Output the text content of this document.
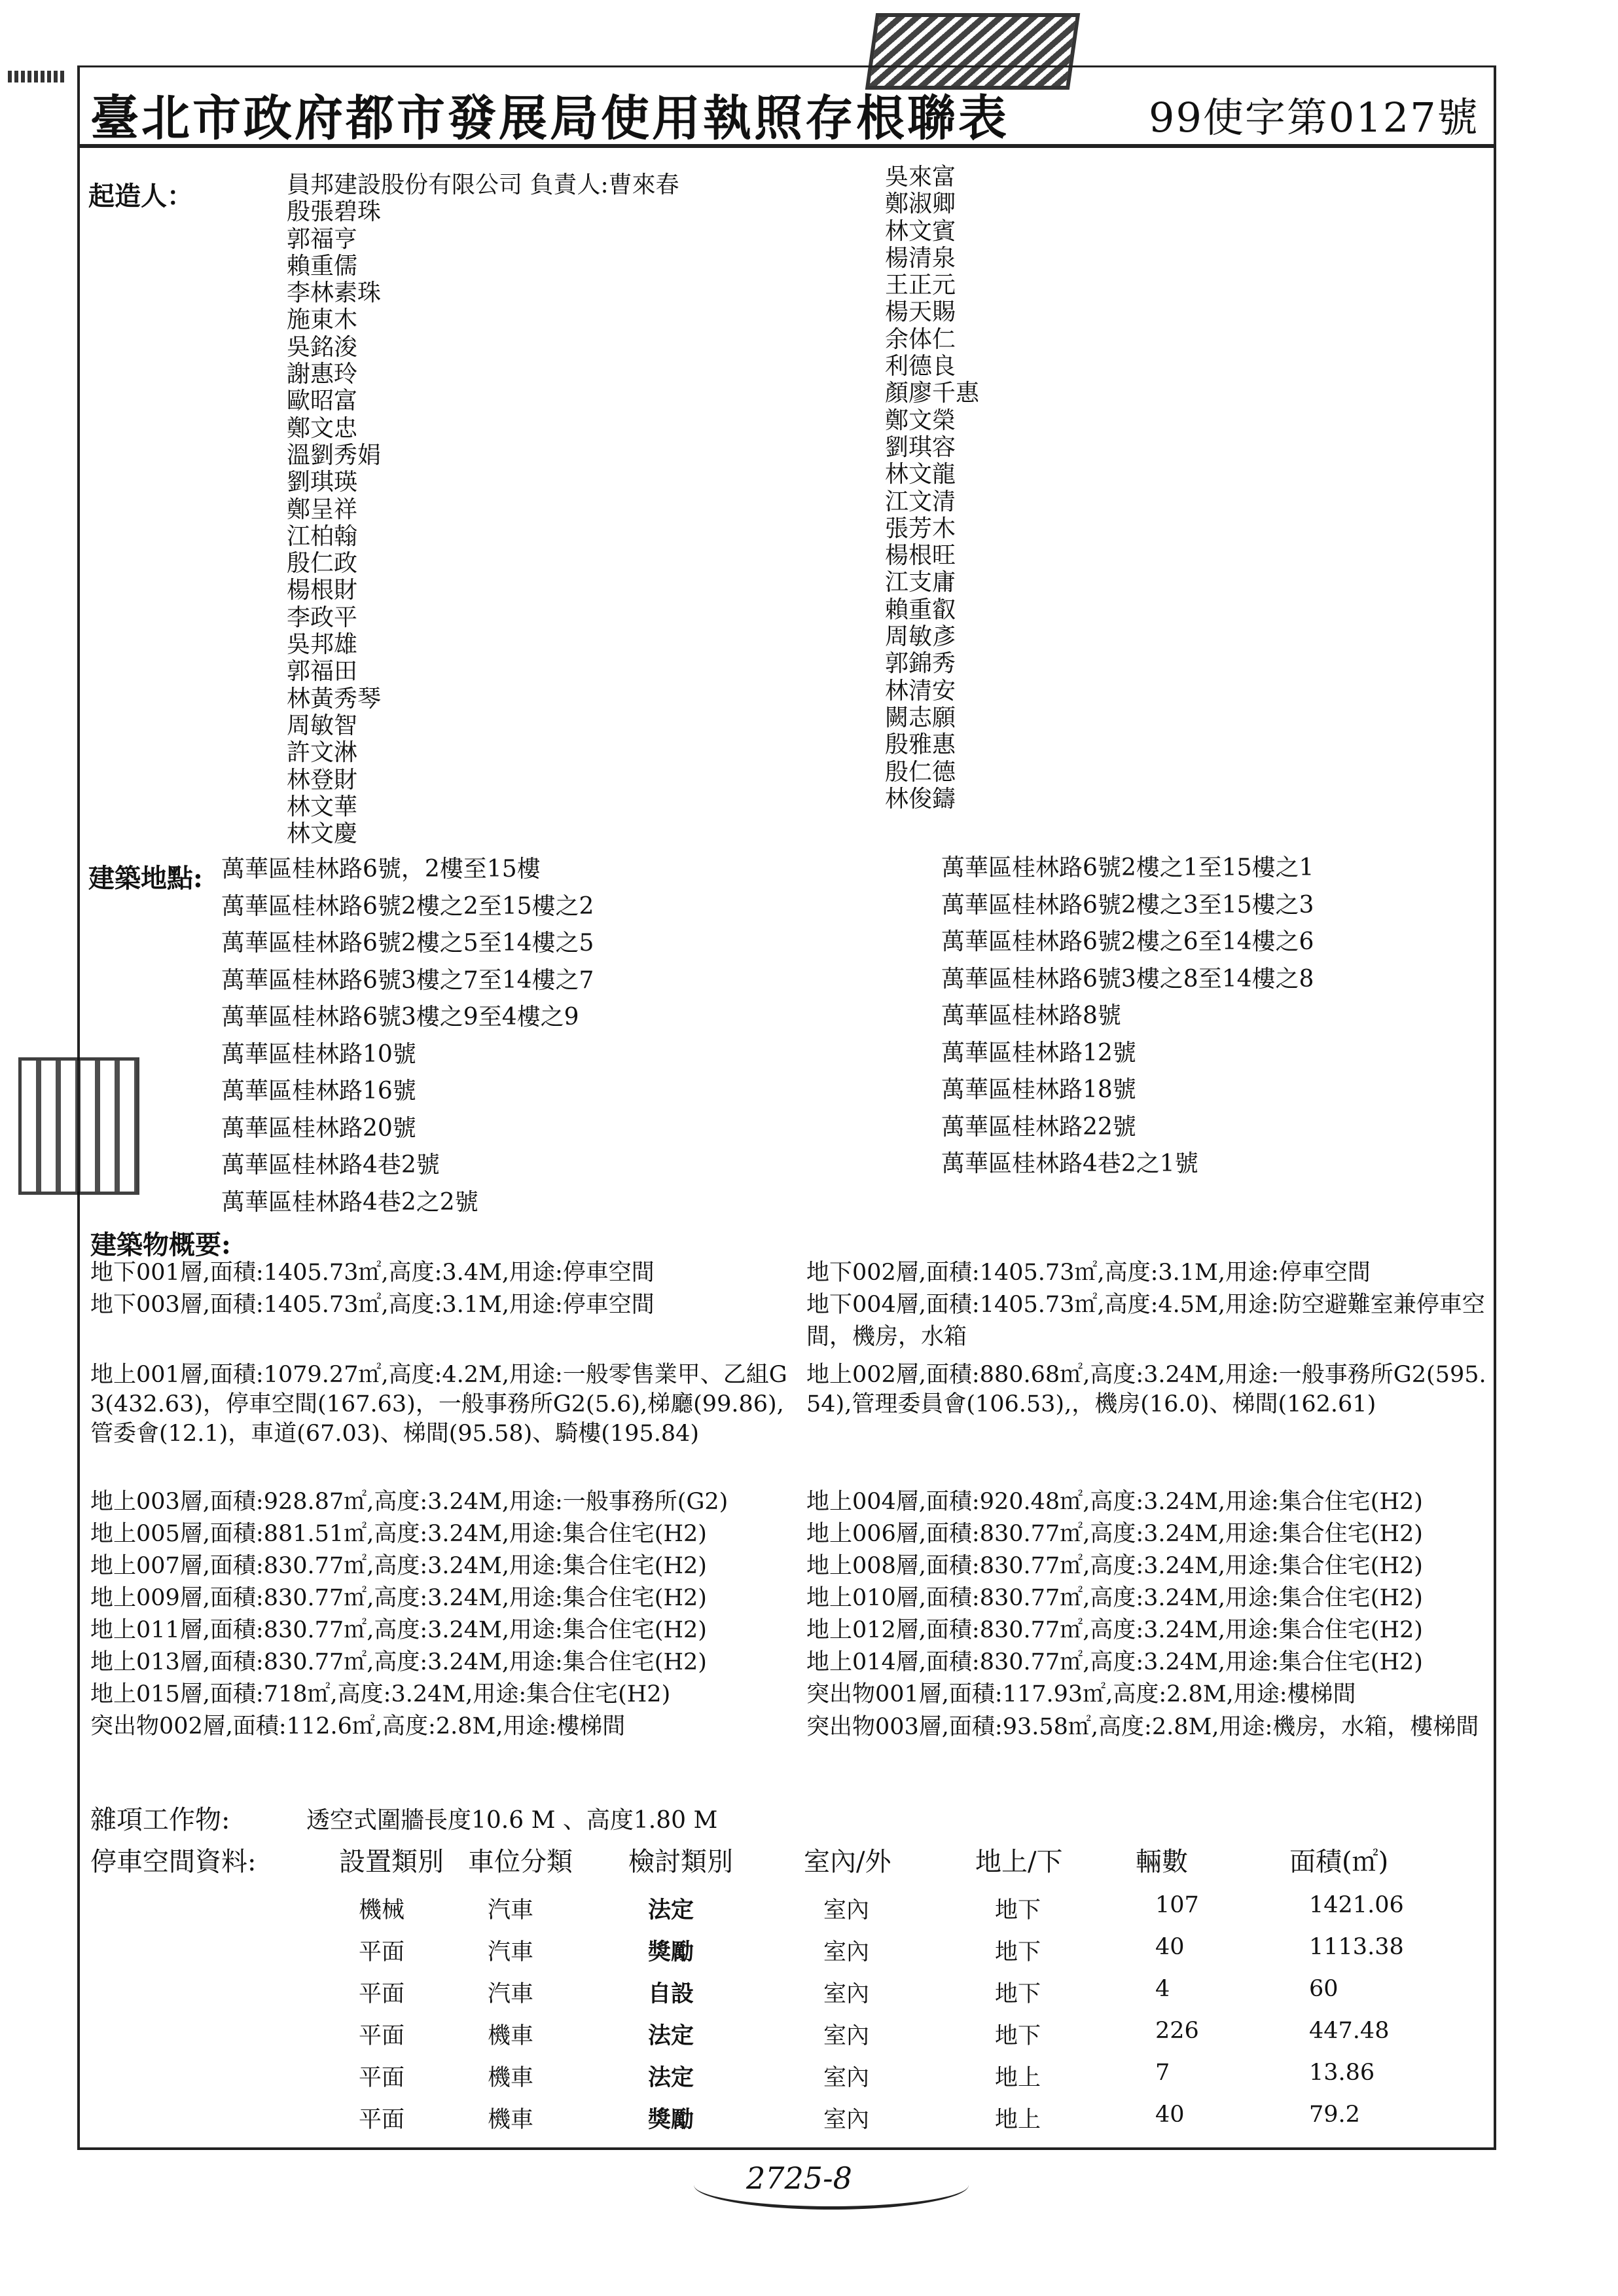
臺北市政府都市發展局使用執照存根聯表	99使字第0127號
起造人：	員邦建設股份有限公司 負責人:曹來春
殷張碧珠
郭福亨
賴重儒
李林素珠
施東木
吳銘浚
謝惠玲
歐昭富
鄭文忠
溫劉秀娟
劉琪瑛
鄭呈祥
江柏翰
殷仁政
楊根財
李政平
吳邦雄
郭福田
林黃秀琴
周敏智
許文淋
林登財
林文華
林文慶
吳來富
鄭淑卿
林文賓
楊清泉
王正元
楊天賜
余体仁
利德良
顏廖千惠
鄭文榮
劉琪容
林文龍
江文清
張芳木
楊根旺
江支庸
賴重叡
周敏彥
郭錦秀
林清安
闕志願
殷雅惠
殷仁德
林俊鑄
建築地點: 萬華區桂林路6號，2樓至15樓
萬華區桂林路6號2樓之2至15樓之2
萬華區桂林路6號2樓之5至14樓之5
萬華區桂林路6號3樓之7至14樓之7
萬華區桂林路6號3樓之9至4樓之9
萬華區桂林路10號
萬華區桂林路16號
萬華區桂林路20號
萬華區桂林路4巷2號
萬華區桂林路4巷2之2號
萬華區桂林路6號2樓之1至15樓之1
萬華區桂林路6號2樓之3至15樓之3
萬華區桂林路6號2樓之6至14樓之6
萬華區桂林路6號3樓之8至14樓之8
萬華區桂林路8號
萬華區桂林路12號
萬華區桂林路18號
萬華區桂林路22號
萬華區桂林路4巷2之1號
建築物概要:
地下001層,面積:1405.73㎡,高度:3.4M,用途:停車空間
地下003層,面積:1405.73㎡,高度:3.1M,用途:停車空間
地下002層,面積:1405.73㎡,高度:3.1M,用途:停車空間
地下004層,面積:1405.73㎡,高度:4.5M,用途:防空避難室兼停車空間，機房，水箱
地上001層,面積:1079.27㎡,高度:4.2M,用途:一般零售業甲、乙組G3(432.63)，停車空間(167.63)，一般事務所G2(5.6),梯廳(99.86),管委會(12.1)，車道(67.03)、梯間(95.58)、騎樓(195.84)
地上002層,面積:880.68㎡,高度:3.24M,用途:一般事務所G2(595.54),管理委員會(106.53),，機房(16.0)、梯間(162.61)
地上003層,面積:928.87㎡,高度:3.24M,用途:一般事務所(G2)
地上005層,面積:881.51㎡,高度:3.24M,用途:集合住宅(H2)
地上007層,面積:830.77㎡,高度:3.24M,用途:集合住宅(H2)
地上009層,面積:830.77㎡,高度:3.24M,用途:集合住宅(H2)
地上011層,面積:830.77㎡,高度:3.24M,用途:集合住宅(H2)
地上013層,面積:830.77㎡,高度:3.24M,用途:集合住宅(H2)
地上015層,面積:718㎡,高度:3.24M,用途:集合住宅(H2)
突出物002層,面積:112.6㎡,高度:2.8M,用途:樓梯間
地上004層,面積:920.48㎡,高度:3.24M,用途:集合住宅(H2)
地上006層,面積:830.77㎡,高度:3.24M,用途:集合住宅(H2)
地上008層,面積:830.77㎡,高度:3.24M,用途:集合住宅(H2)
地上010層,面積:830.77㎡,高度:3.24M,用途:集合住宅(H2)
地上012層,面積:830.77㎡,高度:3.24M,用途:集合住宅(H2)
地上014層,面積:830.77㎡,高度:3.24M,用途:集合住宅(H2)
突出物001層,面積:117.93㎡,高度:2.8M,用途:樓梯間
突出物003層,面積:93.58㎡,高度:2.8M,用途:機房，水箱，樓梯間
雜項工作物:	透空式圍牆長度10.6 M 、高度1.80 M
停車空間資料:	設置類別 車位分類 檢討類別	室內/外	地上/下	輛數	面積(㎡)
機械	汽車	法定	室內	地下	107	1421.06
平面	汽車	獎勵	室內	地下	40	1113.38
平面	汽車	自設	室內	地下	4	60
平面	機車	法定	室內	地下	226	447.48
平面	機車	法定	室內	地上	7	13.86
平面	機車	獎勵	室內	地上	40	79.2
2725-8
